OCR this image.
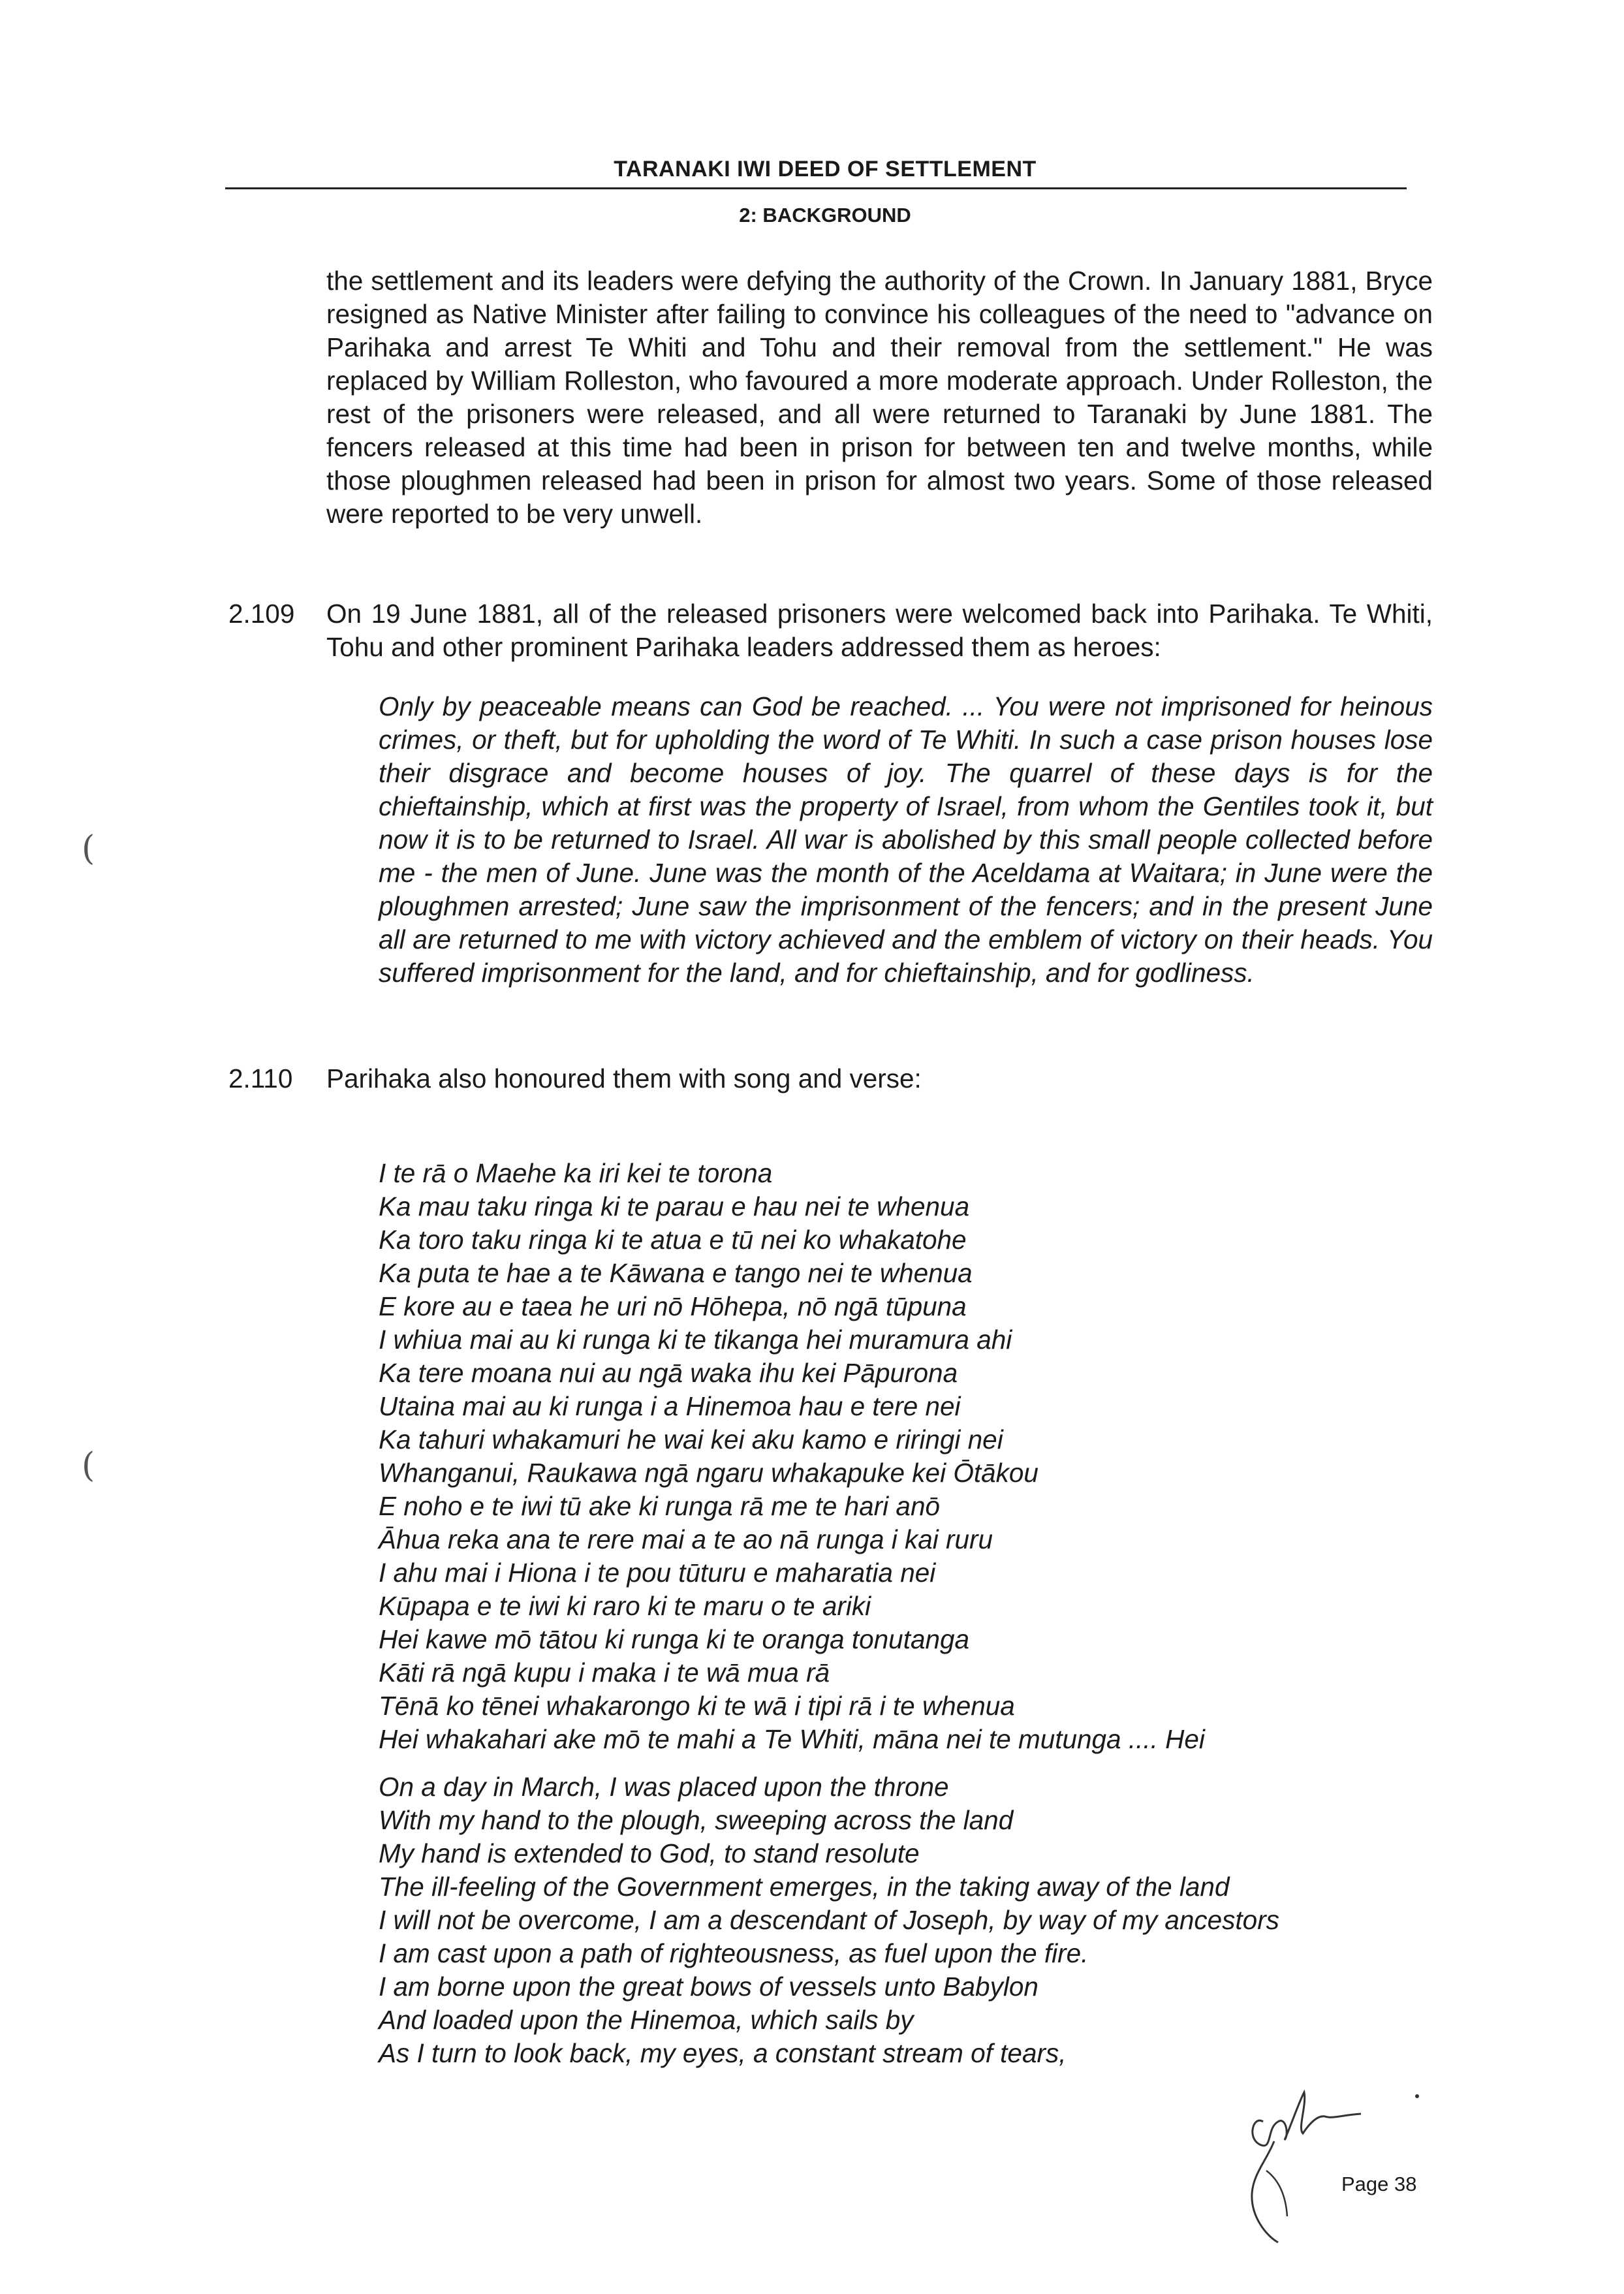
TARANAKI IWI DEED OF SETTLEMENT
2: BACKGROUND
the settlement and its leaders were defying the authority of the Crown. In January 1881, Bryce resigned as Native Minister after failing to convince his colleagues of the need to "advance on Parihaka and arrest Te Whiti and Tohu and their removal from the settlement." He was replaced by William Rolleston, who favoured a more moderate approach. Under Rolleston, the rest of the prisoners were released, and all were returned to Taranaki by June 1881. The fencers released at this time had been in prison for between ten and twelve months, while those ploughmen released had been in prison for almost two years. Some of those released were reported to be very unwell.
2.109 On 19 June 1881, all of the released prisoners were welcomed back into Parihaka. Te Whiti, Tohu and other prominent Parihaka leaders addressed them as heroes:
Only by peaceable means can God be reached. ... You were not imprisoned for heinous crimes, or theft, but for upholding the word of Te Whiti. In such a case prison houses lose their disgrace and become houses of joy. The quarrel of these days is for the chieftainship, which at first was the property of Israel, from whom the Gentiles took it, but now it is to be returned to Israel. All war is abolished by this small people collected before me - the men of June. June was the month of the Aceldama at Waitara; in June were the ploughmen arrested; June saw the imprisonment of the fencers; and in the present June all are returned to me with victory achieved and the emblem of victory on their heads. You suffered imprisonment for the land, and for chieftainship, and for godliness.
2.110 Parihaka also honoured them with song and verse:
I te rā o Maehe ka iri kei te torona
Ka mau taku ringa ki te parau e hau nei te whenua
Ka toro taku ringa ki te atua e tū nei ko whakatohe
Ka puta te hae a te Kāwana e tango nei te whenua
E kore au e taea he uri nō Hōhepa, nō ngā tūpuna
I whiua mai au ki runga ki te tikanga hei muramura ahi
Ka tere moana nui au ngā waka ihu kei Pāpurona
Utaina mai au ki runga i a Hinemoa hau e tere nei
Ka tahuri whakamuri he wai kei aku kamo e riringi nei
Whanganui, Raukawa ngā ngaru whakapuke kei Ōtākou
E noho e te iwi tū ake ki runga rā me te hari anō
Āhua reka ana te rere mai a te ao nā runga i kai ruru
I ahu mai i Hiona i te pou tūturu e maharatia nei
Kūpapa e te iwi ki raro ki te maru o te ariki
Hei kawe mō tātou ki runga ki te oranga tonutanga
Kāti rā ngā kupu i maka i te wā mua rā
Tēnā ko tēnei whakarongo ki te wā i tipi rā i te whenua
Hei whakahari ake mō te mahi a Te Whiti, māna nei te mutunga .... Hei
On a day in March, I was placed upon the throne
With my hand to the plough, sweeping across the land
My hand is extended to God, to stand resolute
The ill-feeling of the Government emerges, in the taking away of the land
I will not be overcome, I am a descendant of Joseph, by way of my ancestors
I am cast upon a path of righteousness, as fuel upon the fire.
I am borne upon the great bows of vessels unto Babylon
And loaded upon the Hinemoa, which sails by
As I turn to look back, my eyes, a constant stream of tears,
(
(
Page 38
